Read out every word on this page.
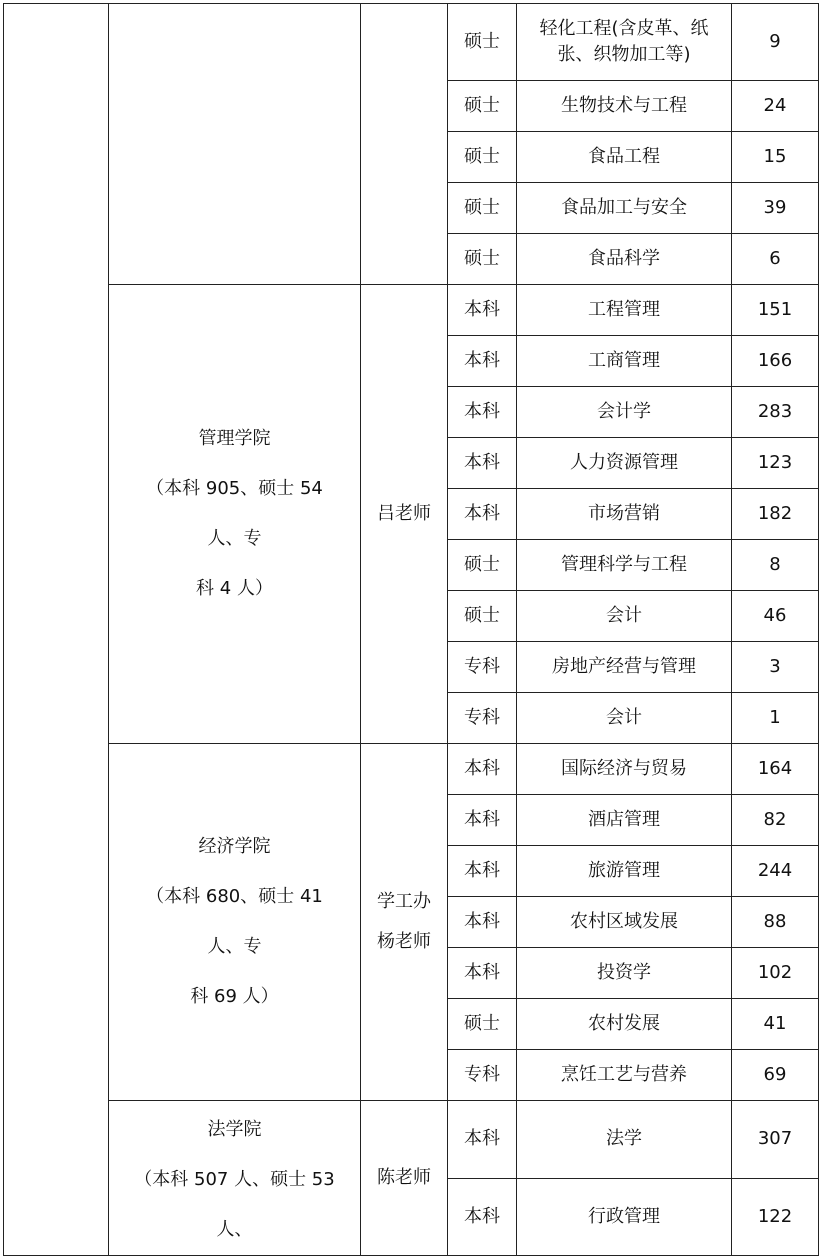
			硕士	轻化工程(含皮革、纸
张、织物加工等)	9
			硕士	生物技术与工程	24
			硕士	食品工程	15
			硕士	食品加工与安全	39
			硕士	食品科学	6

	管理学院
（本科 905、硕士 54 人、专
科 4 人）	吕老师	本科	工程管理	151
			本科	工商管理	166
			本科	会计学	283
			本科	人力资源管理	123
			本科	市场营销	182
			硕士	管理科学与工程	8
			硕士	会计	46
			专科	房地产经营与管理	3
			专科	会计	1

	经济学院
（本科 680、硕士 41 人、专
科 69 人）	学工办
杨老师	本科	国际经济与贸易	164
			本科	酒店管理	82
			本科	旅游管理	244
			本科	农村区域发展	88
			本科	投资学	102
			硕士	农村发展	41
			专科	烹饪工艺与营养	69

	法学院
（本科 507 人、硕士 53 人、	陈老师	本科	法学	307
			本科	行政管理	122
